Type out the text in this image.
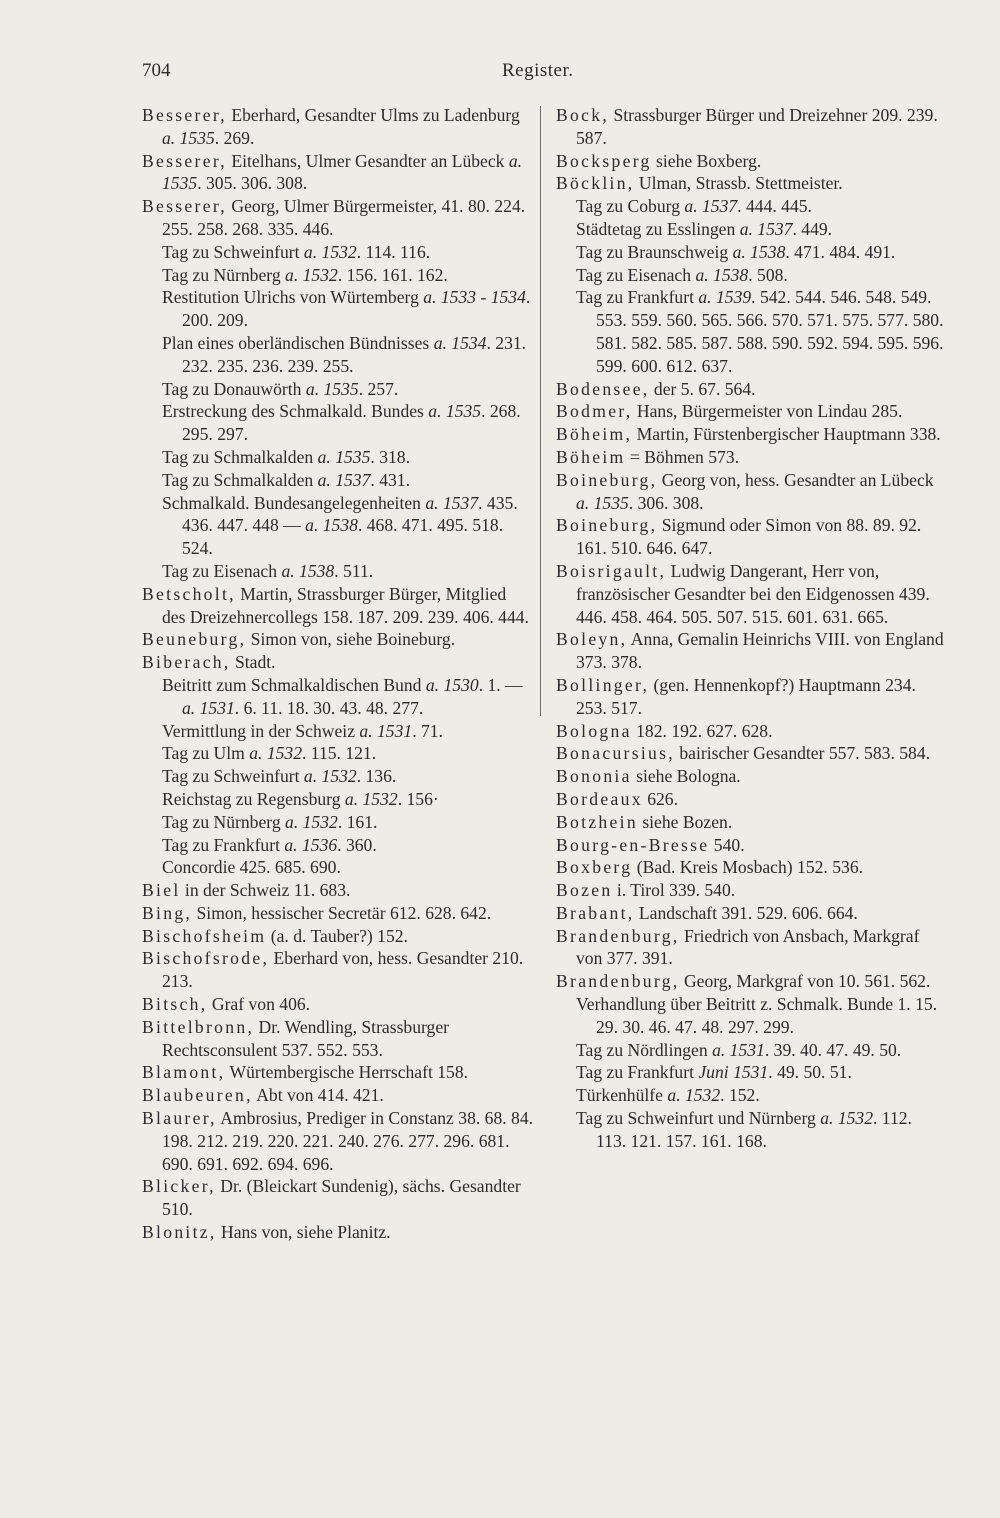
704	Register.
Besserer, Eberhard, Gesandter Ulms zu Ladenburg a. 1535. 269.
Besserer, Eitelhans, Ulmer Gesandter an Lübeck a. 1535. 305. 306. 308.
Besserer, Georg, Ulmer Bürgermeister, 41. 80. 224. 255. 258. 268. 335. 446.
Tag zu Schweinfurt a. 1532. 114. 116.
Tag zu Nürnberg a. 1532. 156. 161. 162.
Restitution Ulrichs von Würtemberg a. 1533 - 1534. 200. 209.
Plan eines oberländischen Bündnisses a. 1534. 231. 232. 235. 236. 239. 255.
Tag zu Donauwörth a. 1535. 257.
Erstreckung des Schmalkald. Bundes a. 1535. 268. 295. 297.
Tag zu Schmalkalden a. 1535. 318.
Tag zu Schmalkalden a. 1537. 431.
Schmalkald. Bundesangelegenheiten a. 1537. 435. 436. 447. 448 — a. 1538. 468. 471. 495. 518. 524.
Tag zu Eisenach a. 1538. 511.
Betscholt, Martin, Strassburger Bürger, Mitglied des Dreizehnercollegs 158. 187. 209. 239. 406. 444.
Beuneburg, Simon von, siehe Boineburg.
Biberach, Stadt.
Beitritt zum Schmalkaldischen Bund a. 1530. 1. — a. 1531. 6. 11. 18. 30. 43. 48. 277.
Vermittlung in der Schweiz a. 1531. 71.
Tag zu Ulm a. 1532. 115. 121.
Tag zu Schweinfurt a. 1532. 136.
Reichstag zu Regensburg a. 1532. 156·
Tag zu Nürnberg a. 1532. 161.
Tag zu Frankfurt a. 1536. 360.
Concordie 425. 685. 690.
Biel in der Schweiz 11. 683.
Bing, Simon, hessischer Secretär 612. 628. 642.
Bischofsheim (a. d. Tauber?) 152.
Bischofsrode, Eberhard von, hess. Gesandter 210. 213.
Bitsch, Graf von 406.
Bittelbronn, Dr. Wendling, Strassburger Rechtsconsulent 537. 552. 553.
Blamont, Würtembergische Herrschaft 158.
Blaubeuren, Abt von 414. 421.
Blaurer, Ambrosius, Prediger in Constanz 38. 68. 84. 198. 212. 219. 220. 221. 240. 276. 277. 296. 681. 690. 691. 692. 694. 696.
Blicker, Dr. (Bleickart Sundenig), sächs. Gesandter 510.
Blonitz, Hans von, siehe Planitz.
Bock, Strassburger Bürger und Dreizehner 209. 239. 587.
Bocksperg siehe Boxberg.
Böcklin, Ulman, Strassb. Stettmeister.
Tag zu Coburg a. 1537. 444. 445.
Städtetag zu Esslingen a. 1537. 449.
Tag zu Braunschweig a. 1538. 471. 484. 491.
Tag zu Eisenach a. 1538. 508.
Tag zu Frankfurt a. 1539. 542. 544. 546. 548. 549. 553. 559. 560. 565. 566. 570. 571. 575. 577. 580. 581. 582. 585. 587. 588. 590. 592. 594. 595. 596. 599. 600. 612. 637.
Bodensee, der 5. 67. 564.
Bodmer, Hans, Bürgermeister von Lindau 285.
Böheim, Martin, Fürstenbergischer Hauptmann 338.
Böheim = Böhmen 573.
Boineburg, Georg von, hess. Gesandter an Lübeck a. 1535. 306. 308.
Boineburg, Sigmund oder Simon von 88. 89. 92. 161. 510. 646. 647.
Boisrigault, Ludwig Dangerant, Herr von, französischer Gesandter bei den Eidgenossen 439. 446. 458. 464. 505. 507. 515. 601. 631. 665.
Boleyn, Anna, Gemalin Heinrichs VIII. von England 373. 378.
Bollinger, (gen. Hennenkopf?) Hauptmann 234. 253. 517.
Bologna 182. 192. 627. 628.
Bonacursius, bairischer Gesandter 557. 583. 584.
Bononia siehe Bologna.
Bordeaux 626.
Botzhein siehe Bozen.
Bourg-en-Bresse 540.
Boxberg (Bad. Kreis Mosbach) 152. 536.
Bozen i. Tirol 339. 540.
Brabant, Landschaft 391. 529. 606. 664.
Brandenburg, Friedrich von Ansbach, Markgraf von 377. 391.
Brandenburg, Georg, Markgraf von 10. 561. 562.
Verhandlung über Beitritt z. Schmalk. Bunde 1. 15. 29. 30. 46. 47. 48. 297. 299.
Tag zu Nördlingen a. 1531. 39. 40. 47. 49. 50.
Tag zu Frankfurt Juni 1531. 49. 50. 51.
Türkenhülfe a. 1532. 152.
Tag zu Schweinfurt und Nürnberg a. 1532. 112. 113. 121. 157. 161. 168.
